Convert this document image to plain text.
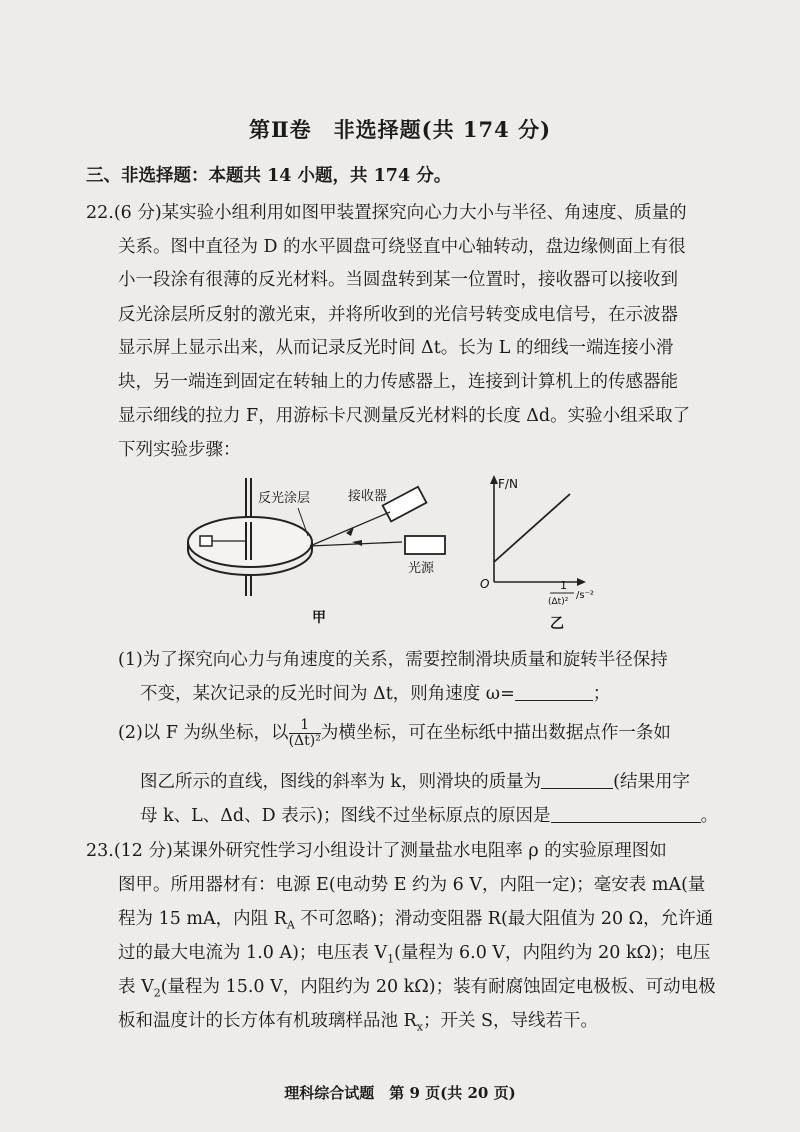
第Ⅱ卷　非选择题(共 174 分)
三、非选择题：本题共 14 小题，共 174 分。
22.(6 分)某实验小组利用如图甲装置探究向心力大小与半径、角速度、质量的
关系。图中直径为 D 的水平圆盘可绕竖直中心轴转动，盘边缘侧面上有很
小一段涂有很薄的反光材料。当圆盘转到某一位置时，接收器可以接收到
反光涂层所反射的激光束，并将所收到的光信号转变成电信号，在示波器
显示屏上显示出来，从而记录反光时间 Δt。长为 L 的细线一端连接小滑
块，另一端连到固定在转轴上的力传感器上，连接到计算机上的传感器能
显示细线的拉力 F，用游标卡尺测量反光材料的长度 Δd。实验小组采取了
下列实验步骤：
接收器
反光涂层
光源
甲
F/N
O	1
(Δt)²
/s⁻²
乙
(1)为了探究向心力与角速度的关系，需要控制滑块质量和旋转半径保持
不变，某次记录的反光时间为 Δt，则角速度 ω=	；
(2)以 F 为纵坐标，以 $\frac{1}{\text{(Δt)²}}$ 为横坐标，可在坐标纸中描出数据点作一条如
图乙所示的直线，图线的斜率为 k，则滑块的质量为	(结果用字
母 k、L、Δd、D 表示)；图线不过坐标原点的原因是	。
23.(12 分)某课外研究性学习小组设计了测量盐水电阻率 ρ 的实验原理图如
图甲。所用器材有：电源 E(电动势 E 约为 6 V，内阻一定)；毫安表 mA(量
程为 15 mA，内阻 $R_A$ 不可忽略)；滑动变阻器 R(最大阻值为 20 Ω，允许通
过的最大电流为 1.0 A)；电压表 $V_1$(量程为 6.0 V，内阻约为 20 kΩ)；电压
表 $V_2$(量程为 15.0 V，内阻约为 20 kΩ)；装有耐腐蚀固定电极板、可动电极
板和温度计的长方体有机玻璃样品池 $R_x$；开关 S，导线若干。
理科综合试题　第 9 页(共 20 页)
